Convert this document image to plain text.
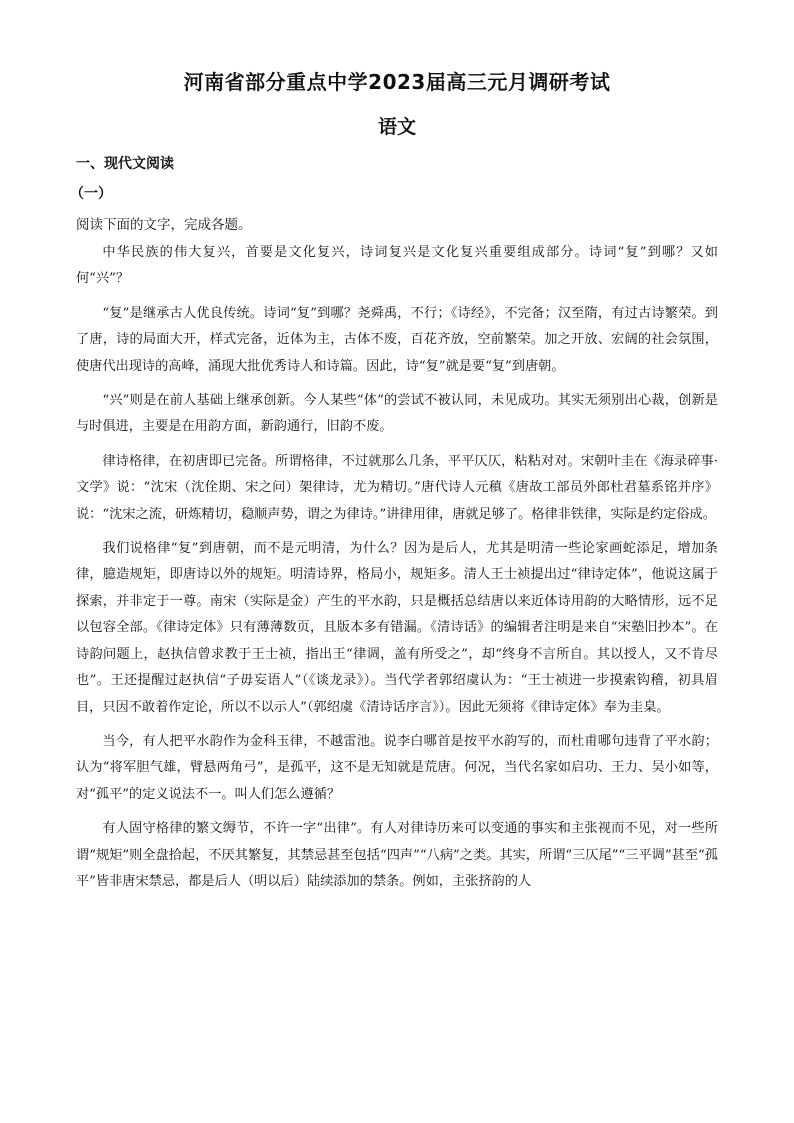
河南省部分重点中学2023届高三元月调研考试
语文
一、现代文阅读
（一）
阅读下面的文字，完成各题。

中华民族的伟大复兴，首要是文化复兴，诗词复兴是文化复兴重要组成部分。诗词“复”到哪？又如何“兴”？

“复”是继承古人优良传统。诗词“复”到哪？尧舜禹，不行；《诗经》，不完备；汉至隋，有过古诗繁荣。到了唐，诗的局面大开，样式完备，近体为主，古体不废，百花齐放，空前繁荣。加之开放、宏阔的社会氛围，使唐代出现诗的高峰，涌现大批优秀诗人和诗篇。因此，诗“复”就是要“复”到唐朝。

“兴”则是在前人基础上继承创新。今人某些“体”的尝试不被认同，未见成功。其实无须别出心裁，创新是与时俱进，主要是在用韵方面，新韵通行，旧韵不废。

律诗格律，在初唐即已完备。所谓格律，不过就那么几条，平平仄仄，粘粘对对。宋朝叶圭在《海录碎事·文学》说：“沈宋（沈佺期、宋之问）架律诗，尤为精切。”唐代诗人元稹《唐故工部员外郎杜君墓系铭并序》说：“沈宋之流，研炼精切，稳顺声势，谓之为律诗。”讲律用律，唐就足够了。格律非铁律，实际是约定俗成。

我们说格律“复”到唐朝，而不是元明清，为什么？因为是后人，尤其是明清一些论家画蛇添足，增加条律，臆造规矩，即唐诗以外的规矩。明清诗界，格局小，规矩多。清人王士祯提出过“律诗定体”，他说这属于探索，并非定于一尊。南宋（实际是金）产生的平水韵，只是概括总结唐以来近体诗用韵的大略情形，远不足以包容全部。《律诗定体》只有薄薄数页，且版本多有错漏。《清诗话》的编辑者注明是来自“宋塾旧抄本”。在诗韵问题上，赵执信曾求教于王士祯，指出王“律调，盖有所受之”，却“终身不言所自。其以授人，又不肯尽也”。王还提醒过赵执信“子毋妄语人”（《谈龙录》）。当代学者郭绍虞认为：“王士祯进一步摸索钩稽，初具眉目，只因不敢着作定论，所以不以示人”（郭绍虞《清诗话序言》）。因此无须将《律诗定体》奉为圭臬。

当今，有人把平水韵作为金科玉律，不越雷池。说李白哪首是按平水韵写的，而杜甫哪句违背了平水韵；认为“将军胆气雄，臂悬两角弓”，是孤平，这不是无知就是荒唐。何况，当代名家如启功、王力、吴小如等，对“孤平”的定义说法不一。叫人们怎么遵循？

有人固守格律的繁文缛节，不许一字“出律”。有人对律诗历来可以变通的事实和主张视而不见，对一些所谓“规矩”则全盘拾起，不厌其繁复，其禁忌甚至包括“四声”“八病”之类。其实，所谓“三仄尾”“三平调”甚至“孤平”皆非唐宋禁忌，都是后人（明以后）陆续添加的禁条。例如，主张挤韵的人
